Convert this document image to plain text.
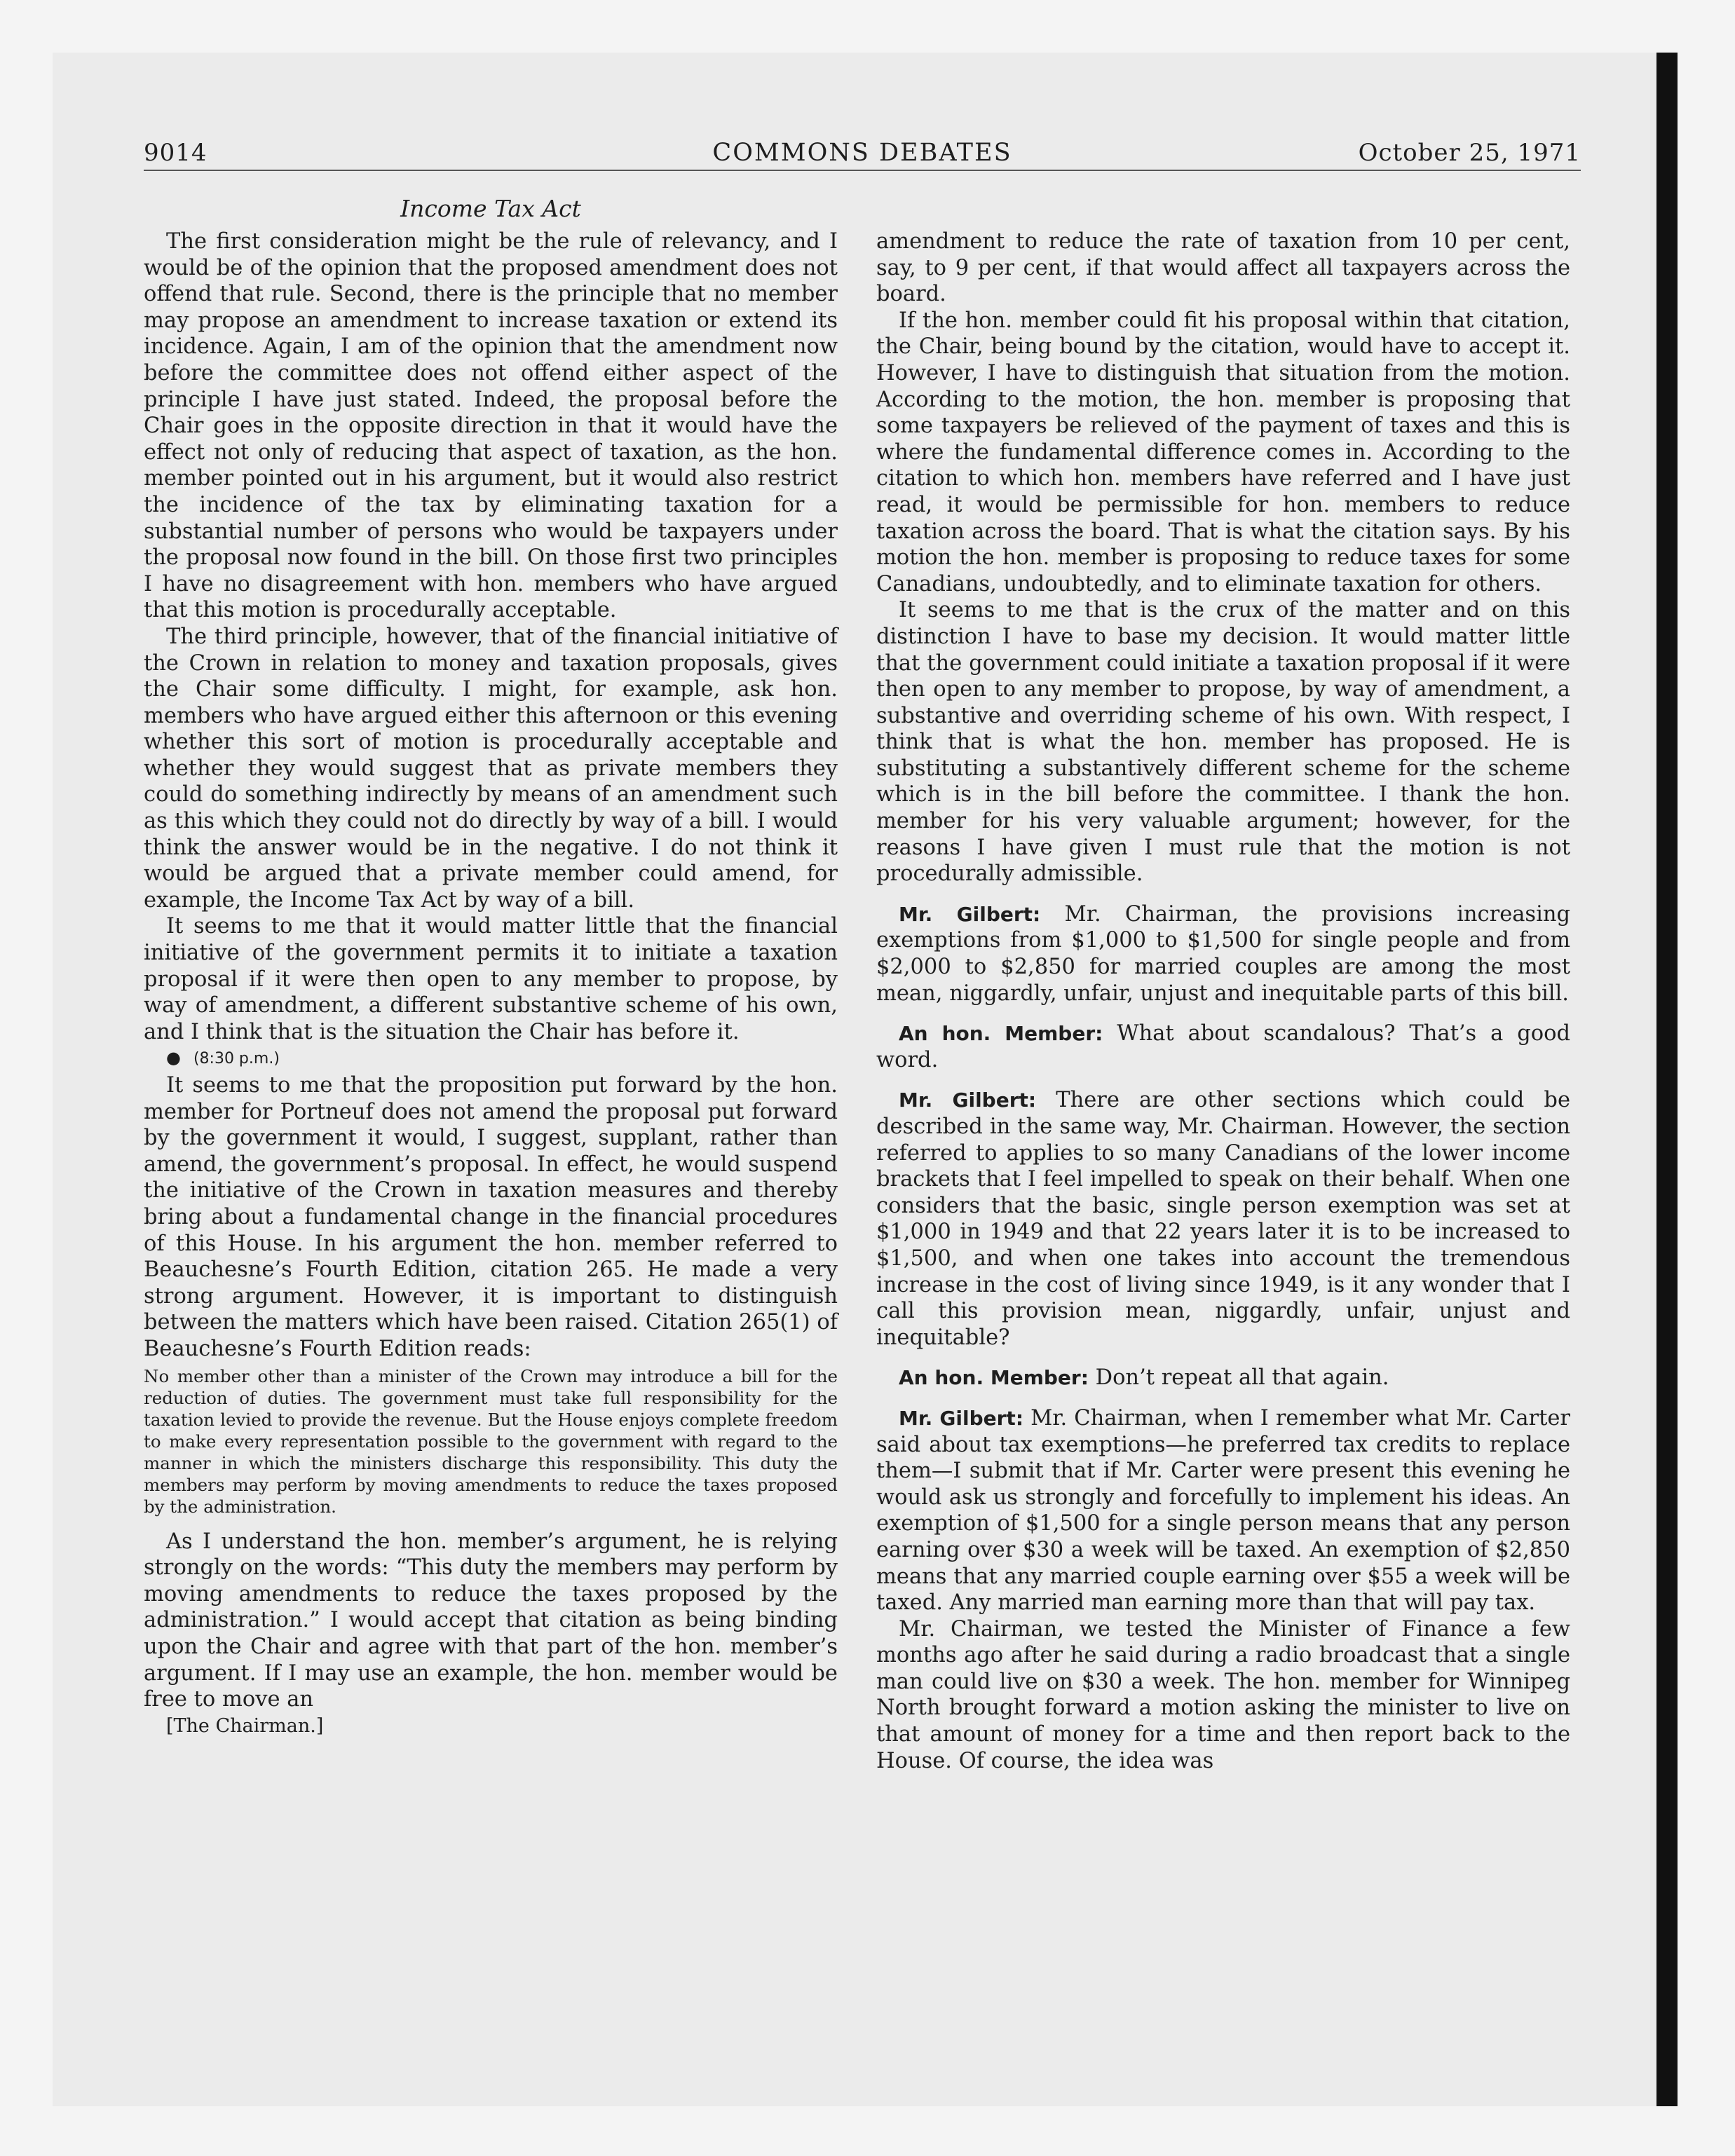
9014	COMMONS DEBATES	October 25, 1971
Income Tax Act

The first consideration might be the rule of relevancy, and I would be of the opinion that the proposed amendment does not offend that rule. Second, there is the principle that no member may propose an amendment to increase taxation or extend its incidence. Again, I am of the opinion that the amendment now before the committee does not offend either aspect of the principle I have just stated. Indeed, the proposal before the Chair goes in the opposite direction in that it would have the effect not only of reducing that aspect of taxation, as the hon. member pointed out in his argument, but it would also restrict the incidence of the tax by eliminating taxation for a substantial number of persons who would be taxpayers under the proposal now found in the bill. On those first two principles I have no disagreement with hon. members who have argued that this motion is procedurally acceptable.

The third principle, however, that of the financial initiative of the Crown in relation to money and taxation proposals, gives the Chair some difficulty. I might, for example, ask hon. members who have argued either this afternoon or this evening whether this sort of motion is procedurally acceptable and whether they would suggest that as private members they could do something indirectly by means of an amendment such as this which they could not do directly by way of a bill. I would think the answer would be in the negative. I do not think it would be argued that a private member could amend, for example, the Income Tax Act by way of a bill.

It seems to me that it would matter little that the financial initiative of the government permits it to initiate a taxation proposal if it were then open to any member to propose, by way of amendment, a different substantive scheme of his own, and I think that is the situation the Chair has before it.

● (8:30 p.m.)

It seems to me that the proposition put forward by the hon. member for Portneuf does not amend the proposal put forward by the government it would, I suggest, supplant, rather than amend, the government’s proposal. In effect, he would suspend the initiative of the Crown in taxation measures and thereby bring about a fundamental change in the financial procedures of this House. In his argument the hon. member referred to Beauchesne’s Fourth Edition, citation 265. He made a very strong argument. However, it is important to distinguish between the matters which have been raised. Citation 265(1) of Beauchesne’s Fourth Edition reads:

No member other than a minister of the Crown may introduce a bill for the reduction of duties. The government must take full responsibility for the taxation levied to provide the revenue. But the House enjoys complete freedom to make every representation possible to the government with regard to the manner in which the ministers discharge this responsibility. This duty the members may perform by moving amendments to reduce the taxes proposed by the administration.

As I understand the hon. member’s argument, he is relying strongly on the words: “This duty the members may perform by moving amendments to reduce the taxes proposed by the administration.” I would accept that citation as being binding upon the Chair and agree with that part of the hon. member’s argument. If I may use an example, the hon. member would be free to move an

[The Chairman.]

amendment to reduce the rate of taxation from 10 per cent, say, to 9 per cent, if that would affect all taxpayers across the board.

If the hon. member could fit his proposal within that citation, the Chair, being bound by the citation, would have to accept it. However, I have to distinguish that situation from the motion. According to the motion, the hon. member is proposing that some taxpayers be relieved of the payment of taxes and this is where the fundamental difference comes in. According to the citation to which hon. members have referred and I have just read, it would be permissible for hon. members to reduce taxation across the board. That is what the citation says. By his motion the hon. member is proposing to reduce taxes for some Canadians, undoubtedly, and to eliminate taxation for others.

It seems to me that is the crux of the matter and on this distinction I have to base my decision. It would matter little that the government could initiate a taxation proposal if it were then open to any member to propose, by way of amendment, a substantive and overriding scheme of his own. With respect, I think that is what the hon. member has proposed. He is substituting a substantively different scheme for the scheme which is in the bill before the committee. I thank the hon. member for his very valuable argument; however, for the reasons I have given I must rule that the motion is not procedurally admissible.

Mr. Gilbert: Mr. Chairman, the provisions increasing exemptions from $1,000 to $1,500 for single people and from $2,000 to $2,850 for married couples are among the most mean, niggardly, unfair, unjust and inequitable parts of this bill.

An hon. Member: What about scandalous? That’s a good word.

Mr. Gilbert: There are other sections which could be described in the same way, Mr. Chairman. However, the section referred to applies to so many Canadians of the lower income brackets that I feel impelled to speak on their behalf. When one considers that the basic, single person exemption was set at $1,000 in 1949 and that 22 years later it is to be increased to $1,500, and when one takes into account the tremendous increase in the cost of living since 1949, is it any wonder that I call this provision mean, niggardly, unfair, unjust and inequitable?

An hon. Member: Don’t repeat all that again.

Mr. Gilbert: Mr. Chairman, when I remember what Mr. Carter said about tax exemptions—he preferred tax credits to replace them—I submit that if Mr. Carter were present this evening he would ask us strongly and forcefully to implement his ideas. An exemption of $1,500 for a single person means that any person earning over $30 a week will be taxed. An exemption of $2,850 means that any married couple earning over $55 a week will be taxed. Any married man earning more than that will pay tax.

Mr. Chairman, we tested the Minister of Finance a few months ago after he said during a radio broadcast that a single man could live on $30 a week. The hon. member for Winnipeg North brought forward a motion asking the minister to live on that amount of money for a time and then report back to the House. Of course, the idea was
